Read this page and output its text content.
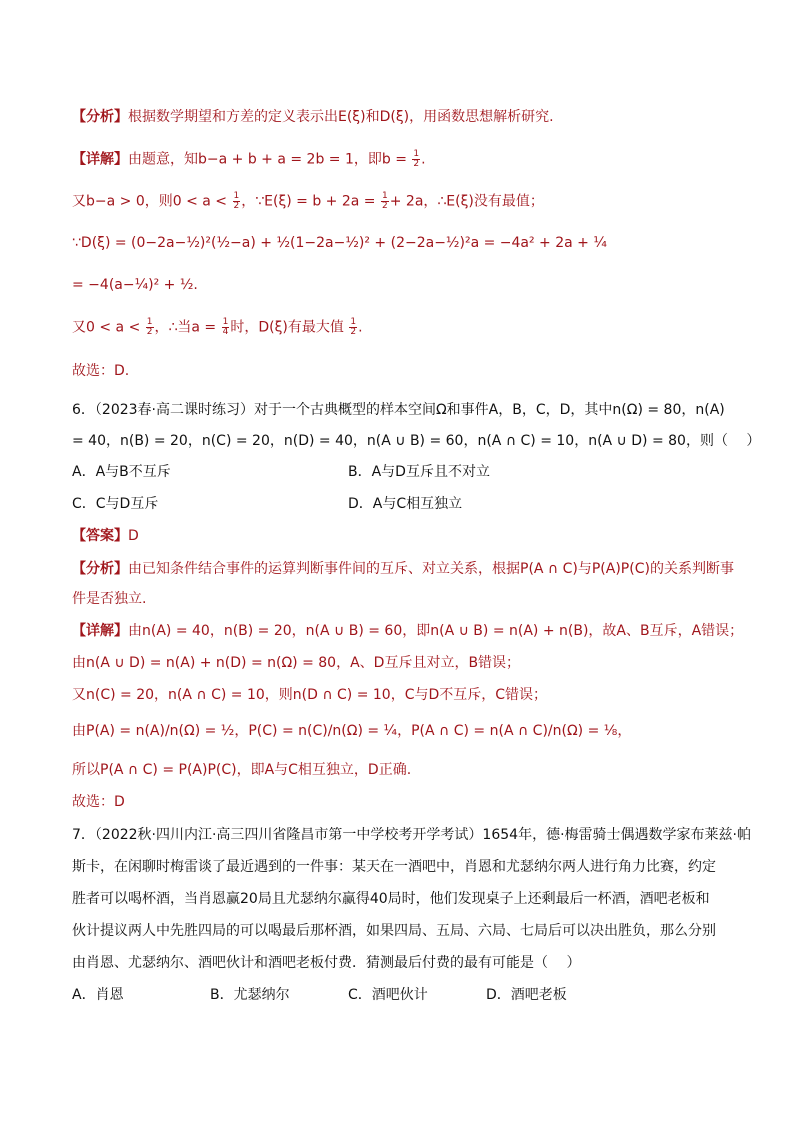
【分析】根据数学期望和方差的定义表示出E(ξ)和D(ξ)，用函数思想解析研究.
【详解】由题意，知b−a + b + a = 2b = 1，即$b = \frac{1}{2}$ .
又b−a > 0，则$0 < a < \frac{1}{2}$ ，∵E(ξ) = $b + 2a = \frac{1}{2} + 2a$，∴E(ξ)没有最值；
∵D(ξ) = (0−2a−½)²(½−a) + ½(1−2a−½)² + (2−2a−½)²a = −4a² + 2a + ¼
= −4(a−¼)² + ½.
又$0 < a < \frac{1}{2}$ ，∴当$a = \frac{1}{4}$ 时，D(ξ)有最大值 $\frac{1}{2}$ .
故选：D.
6．（2023春·高二课时练习）对于一个古典概型的样本空间Ω和事件A，B，C，D，其中n(Ω) = 80，n(A)
= 40，n(B) = 20，n(C) = 20，n(D) = 40，n(A ∪ B) = 60，n(A ∩ C) = 10，n(A ∪ D) = 80，则（　 ）
A．A与B不互斥	B．A与D互斥且不对立
C．C与D互斥	D．A与C相互独立
【答案】D
【分析】由已知条件结合事件的运算判断事件间的互斥、对立关系，根据P(A ∩ C)与P(A)P(C)的关系判断事
件是否独立.
【详解】由n(A) = 40，n(B) = 20，n(A ∪ B) = 60，即n(A ∪ B) = n(A) + n(B)，故A、B互斥，A错误；
由n(A ∪ D) = n(A) + n(D) = n(Ω) = 80，A、D互斥且对立，B错误；
又n(C) = 20，n(A ∩ C) = 10，则n(D ∩ C) = 10，C与D不互斥，C错误；
由P(A) = n(A)/n(Ω) = ½，P(C) = n(C)/n(Ω) = ¼，P(A ∩ C) = n(A ∩ C)/n(Ω) = ⅛，
所以P(A ∩ C) = P(A)P(C)，即A与C相互独立，D正确.
故选：D
7．（2022秋·四川内江·高三四川省隆昌市第一中学校考开学考试）1654年，德·梅雷骑士偶遇数学家布莱兹·帕
斯卡，在闲聊时梅雷谈了最近遇到的一件事：某天在一酒吧中，肖恩和尤瑟纳尔两人进行角力比赛，约定
胜者可以喝杯酒，当肖恩赢20局且尤瑟纳尔赢得40局时，他们发现桌子上还剩最后一杯酒，酒吧老板和
伙计提议两人中先胜四局的可以喝最后那杯酒，如果四局、五局、六局、七局后可以决出胜负，那么分别
由肖恩、尤瑟纳尔、酒吧伙计和酒吧老板付费．猜测最后付费的最有可能是（　 ）
A．肖恩	B．尤瑟纳尔	C．酒吧伙计	D．酒吧老板
